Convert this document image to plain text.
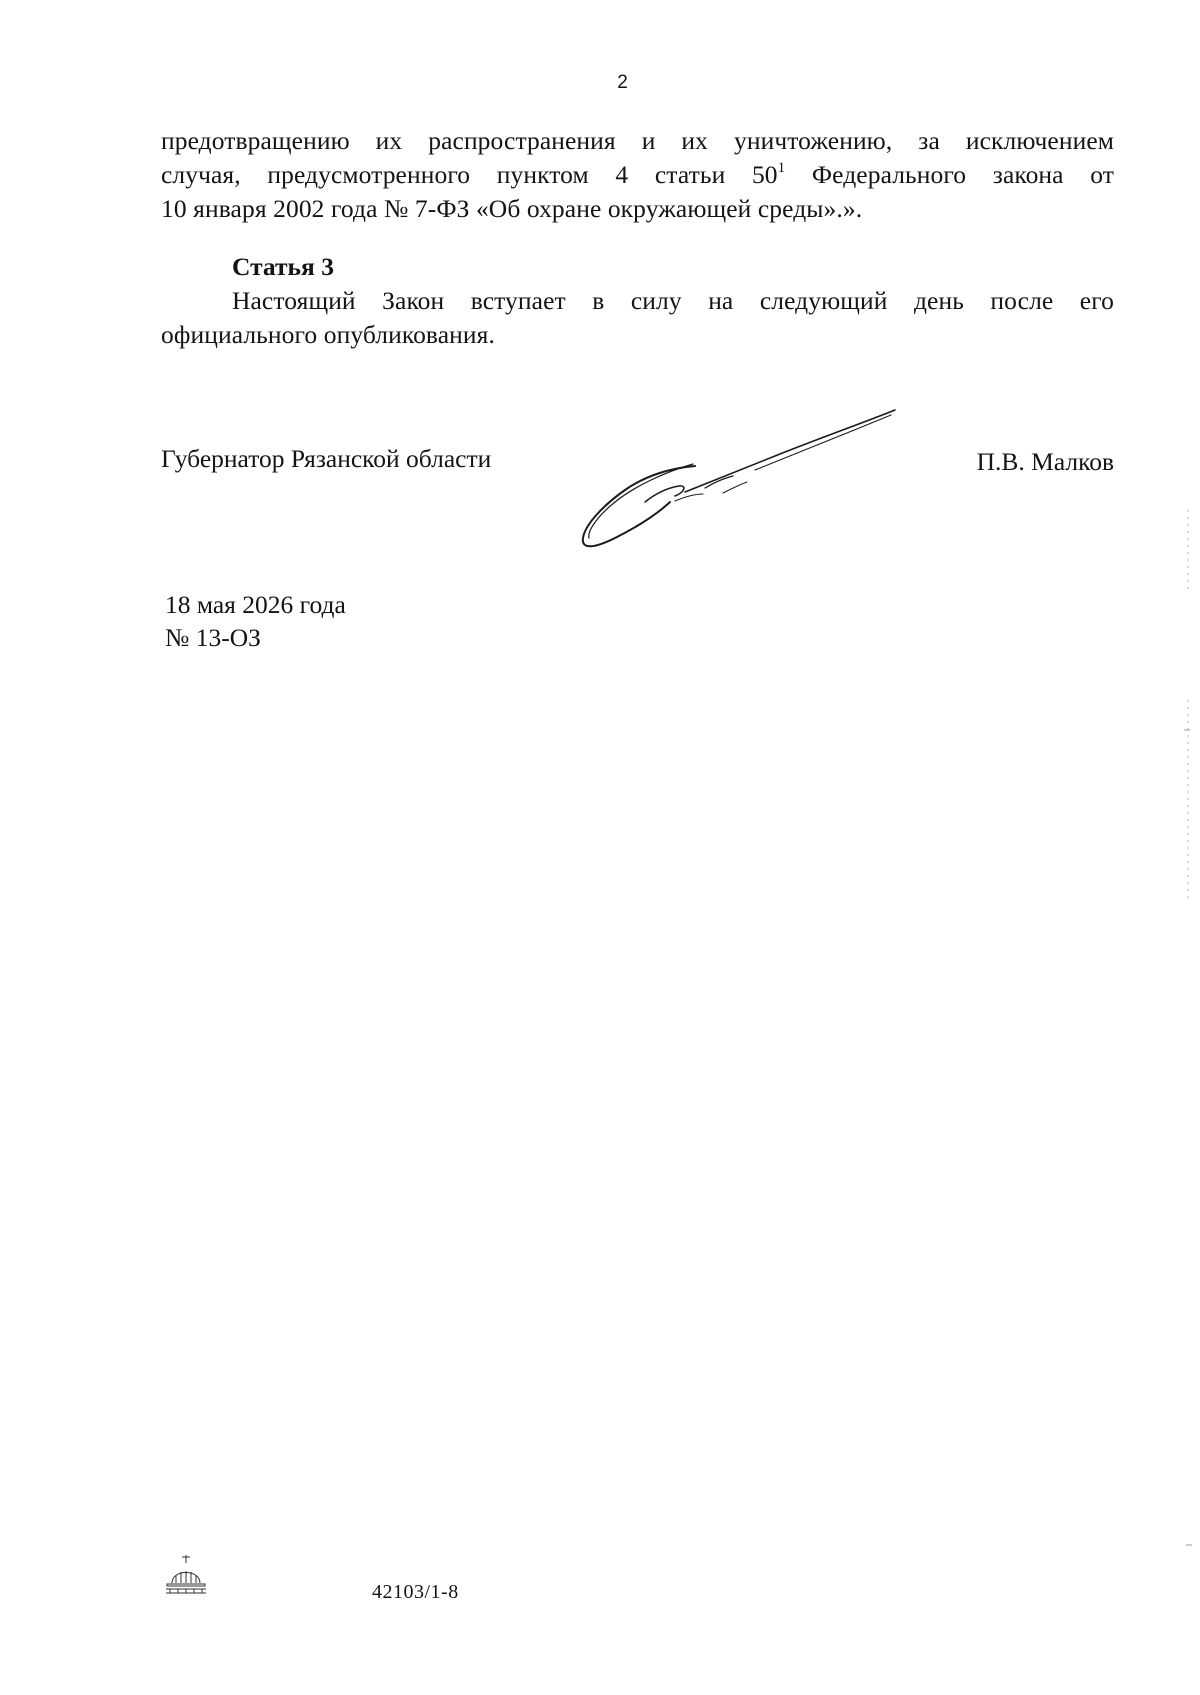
2
предотвращению их распространения и их уничтожению, за исключением
случая, предусмотренного пунктом 4 статьи $50^1$ Федерального закона от
10 января 2002 года № 7-ФЗ «Об охране окружающей среды».».
Статья 3
Настоящий Закон вступает в силу на следующий день после его
официального опубликования.
Губернатор Рязанской области	П.В. Малков
18 мая 2026 года
№ 13-ОЗ
42103/1-8
